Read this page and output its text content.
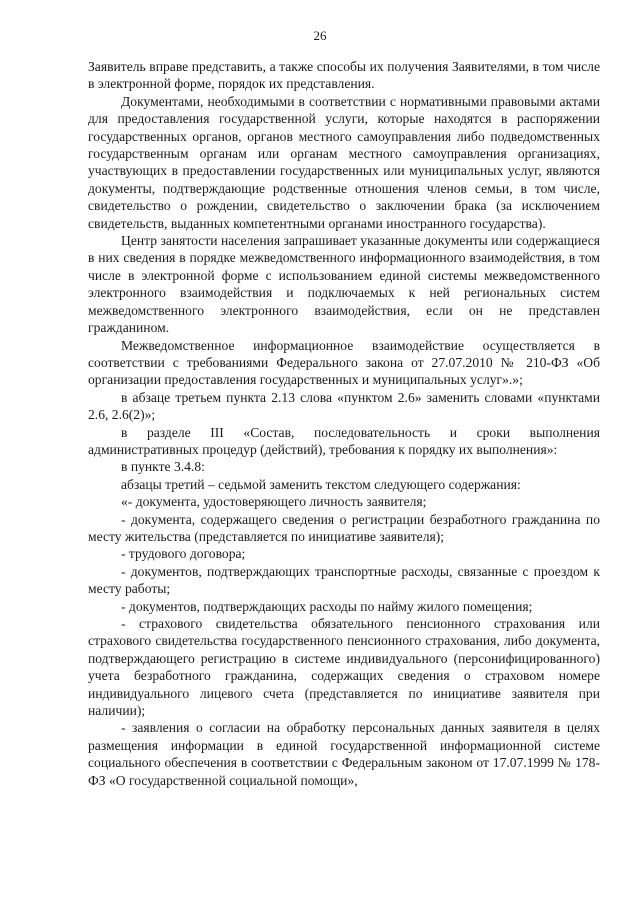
26

Заявитель вправе представить, а также способы их получения Заявителями, в том числе в электронной форме, порядок их представления.

Документами, необходимыми в соответствии с нормативными правовыми актами для предоставления государственной услуги, которые находятся в распоряжении государственных органов, органов местного самоуправления либо подведомственных государственным органам или органам местного самоуправления организациях, участвующих в предоставлении государственных или муниципальных услуг, являются документы, подтверждающие родственные отношения членов семьи, в том числе, свидетельство о рождении, свидетельство о заключении брака (за исключением свидетельств, выданных компетентными органами иностранного государства).

Центр занятости населения запрашивает указанные документы или содержащиеся в них сведения в порядке межведомственного информационного взаимодействия, в том числе в электронной форме с использованием единой системы межведомственного электронного взаимодействия и подключаемых к ней региональных систем межведомственного электронного взаимодействия, если он не представлен гражданином.

Межведомственное информационное взаимодействие осуществляется в соответствии с требованиями Федерального закона от 27.07.2010 № 210-ФЗ «Об организации предоставления государственных и муниципальных услуг».»;

в абзаце третьем пункта 2.13 слова «пунктом 2.6» заменить словами «пунктами 2.6, 2.6(2)»;

в разделе III «Состав, последовательность и сроки выполнения административных процедур (действий), требования к порядку их выполнения»:

в пункте 3.4.8:

абзацы третий – седьмой заменить текстом следующего содержания:

«- документа, удостоверяющего личность заявителя;

- документа, содержащего сведения о регистрации безработного гражданина по месту жительства (представляется по инициативе заявителя);

- трудового договора;

- документов, подтверждающих транспортные расходы, связанные с проездом к месту работы;

- документов, подтверждающих расходы по найму жилого помещения;

- страхового свидетельства обязательного пенсионного страхования или страхового свидетельства государственного пенсионного страхования, либо документа, подтверждающего регистрацию в системе индивидуального (персонифицированного) учета безработного гражданина, содержащих сведения о страховом номере индивидуального лицевого счета (представляется по инициативе заявителя при наличии);

- заявления о согласии на обработку персональных данных заявителя в целях размещения информации в единой государственной информационной системе социального обеспечения в соответствии с Федеральным законом от 17.07.1999 № 178-ФЗ «О государственной социальной помощи»,
